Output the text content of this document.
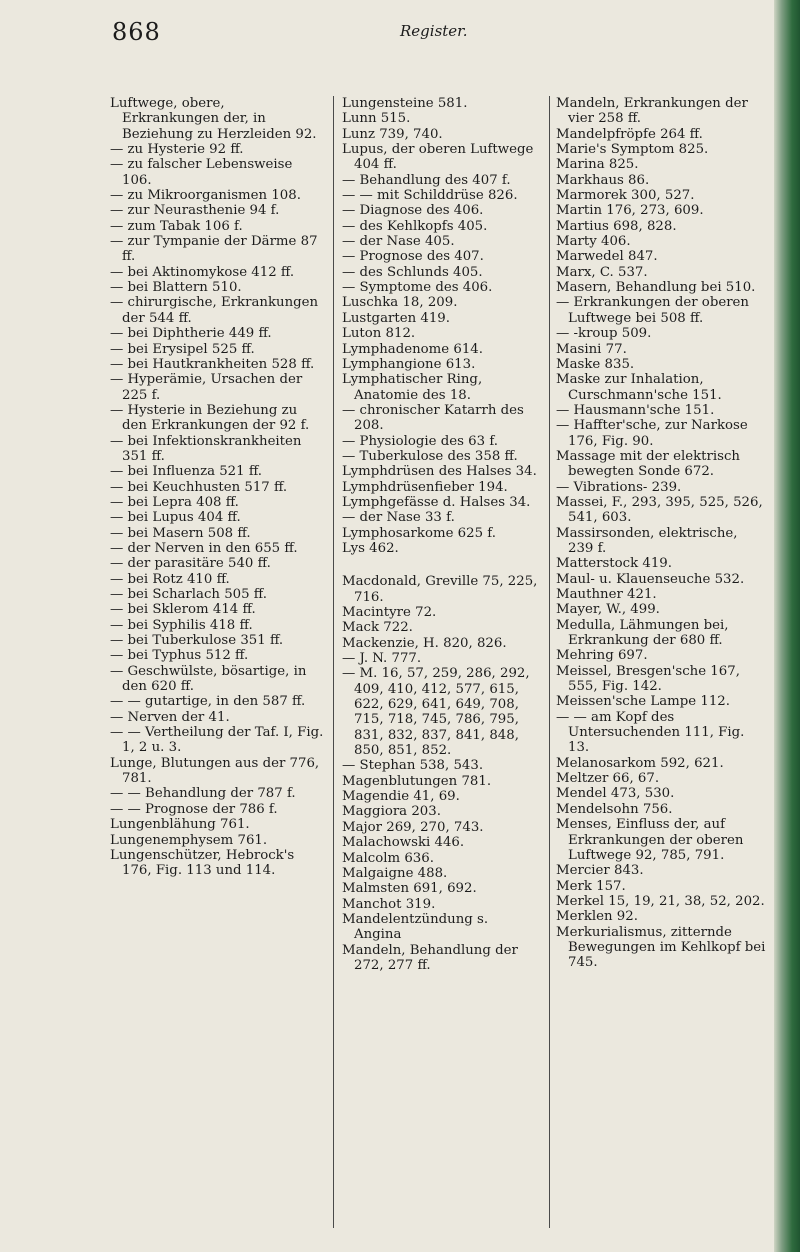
868	Register.
Luftwege, obere, Erkrankungen der, in Beziehung zu Herzleiden 92.
— zu Hysterie 92 ff.
— zu falscher Lebensweise 106.
— zu Mikroorganismen 108.
— zur Neurasthenie 94 f.
— zum Tabak 106 f.
— zur Tympanie der Därme 87 ff.
— bei Aktinomykose 412 ff.
— bei Blattern 510.
— chirurgische, Erkrankungen der 544 ff.
— bei Diphtherie 449 ff.
— bei Erysipel 525 ff.
— bei Hautkrankheiten 528 ff.
— Hyperämie, Ursachen der 225 f.
— Hysterie in Beziehung zu den Erkrankungen der 92 f.
— bei Infektionskrankheiten 351 ff.
— bei Influenza 521 ff.
— bei Keuchhusten 517 ff.
— bei Lepra 408 ff.
— bei Lupus 404 ff.
— bei Masern 508 ff.
— der Nerven in den 655 ff.
— der parasitäre 540 ff.
— bei Rotz 410 ff.
— bei Scharlach 505 ff.
— bei Sklerom 414 ff.
— bei Syphilis 418 ff.
— bei Tuberkulose 351 ff.
— bei Typhus 512 ff.
— Geschwülste, bösartige, in den 620 ff.
— — gutartige, in den 587 ff.
— Nerven der 41.
— — Vertheilung der Taf. I, Fig. 1, 2 u. 3.
Lunge, Blutungen aus der 776, 781.
— — Behandlung der 787 f.
— — Prognose der 786 f.
Lungenblähung 761.
Lungenemphysem 761.
Lungenschützer, Hebrock's 176, Fig. 113 und 114.
Lungensteine 581.
Lunn 515.
Lunz 739, 740.
Lupus, der oberen Luftwege 404 ff.
— Behandlung des 407 f.
— — mit Schilddrüse 826.
— Diagnose des 406.
— des Kehlkopfs 405.
— der Nase 405.
— Prognose des 407.
— des Schlunds 405.
— Symptome des 406.
Luschka 18, 209.
Lustgarten 419.
Luton 812.
Lymphadenome 614.
Lymphangione 613.
Lymphatischer Ring, Anatomie des 18.
— chronischer Katarrh des 208.
— Physiologie des 63 f.
— Tuberkulose des 358 ff.
Lymphdrüsen des Halses 34.
Lymphdrüsenfieber 194.
Lymphgefässe d. Halses 34.
— der Nase 33 f.
Lymphosarkome 625 f.
Lys 462.
Macdonald, Greville 75, 225, 716.
Macintyre 72.
Mack 722.
Mackenzie, H. 820, 826.
— J. N. 777.
— M. 16, 57, 259, 286, 292, 409, 410, 412, 577, 615, 622, 629, 641, 649, 708, 715, 718, 745, 786, 795, 831, 832, 837, 841, 848, 850, 851, 852.
— Stephan 538, 543.
Magenblutungen 781.
Magendie 41, 69.
Maggiora 203.
Major 269, 270, 743.
Malachowski 446.
Malcolm 636.
Malgaigne 488.
Malmsten 691, 692.
Manchot 319.
Mandelentzündung s. Angina
Mandeln, Behandlung der 272, 277 ff.
Mandeln, Erkrankungen der vier 258 ff.
Mandelpfröpfe 264 ff.
Marie's Symptom 825.
Marina 825.
Markhaus 86.
Marmorek 300, 527.
Martin 176, 273, 609.
Martius 698, 828.
Marty 406.
Marwedel 847.
Marx, C. 537.
Masern, Behandlung bei 510.
— Erkrankungen der oberen Luftwege bei 508 ff.
— -kroup 509.
Masini 77.
Maske 835.
Maske zur Inhalation, Curschmann'sche 151.
— Hausmann'sche 151.
— Haffter'sche, zur Narkose 176, Fig. 90.
Massage mit der elektrisch bewegten Sonde 672.
— Vibrations- 239.
Massei, F., 293, 395, 525, 526, 541, 603.
Massirsonden, elektrische, 239 f.
Matterstock 419.
Maul- u. Klauenseuche 532.
Mauthner 421.
Mayer, W., 499.
Medulla, Lähmungen bei, Erkrankung der 680 ff.
Mehring 697.
Meissel, Bresgen'sche 167, 555, Fig. 142.
Meissen'sche Lampe 112.
— — am Kopf des Untersuchenden 111, Fig. 13.
Melanosarkom 592, 621.
Meltzer 66, 67.
Mendel 473, 530.
Mendelsohn 756.
Menses, Einfluss der, auf Erkrankungen der oberen Luftwege 92, 785, 791.
Mercier 843.
Merk 157.
Merkel 15, 19, 21, 38, 52, 202.
Merklen 92.
Merkurialismus, zitternde Bewegungen im Kehlkopf bei 745.
